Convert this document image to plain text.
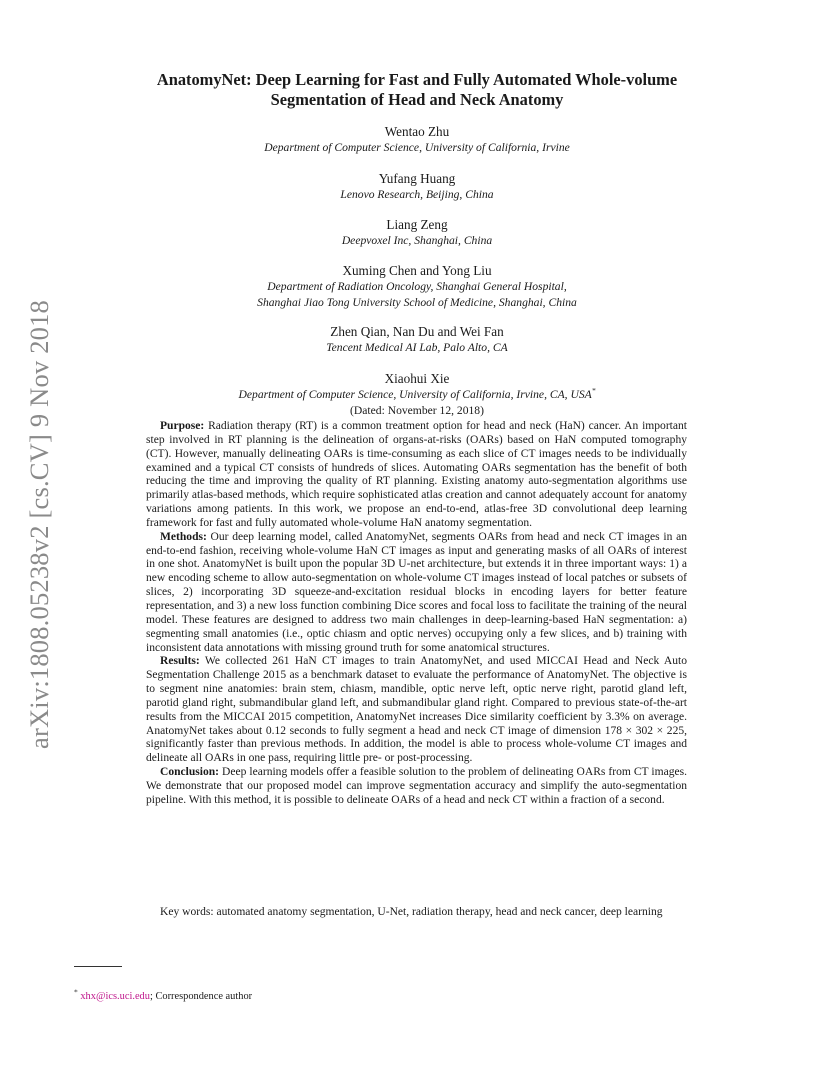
arXiv:1808.05238v2 [cs.CV] 9 Nov 2018
AnatomyNet: Deep Learning for Fast and Fully Automated Whole-volume
Segmentation of Head and Neck Anatomy
Wentao Zhu
Department of Computer Science, University of California, Irvine
Yufang Huang
Lenovo Research, Beijing, China
Liang Zeng
Deepvoxel Inc, Shanghai, China
Xuming Chen and Yong Liu
Department of Radiation Oncology, Shanghai General Hospital,
Shanghai Jiao Tong University School of Medicine, Shanghai, China
Zhen Qian, Nan Du and Wei Fan
Tencent Medical AI Lab, Palo Alto, CA
Xiaohui Xie
Department of Computer Science, University of California, Irvine, CA, USA*
(Dated: November 12, 2018)

Purpose: Radiation therapy (RT) is a common treatment option for head and neck (HaN) cancer. An important step involved in RT planning is the delineation of organs-at-risks (OARs) based on HaN computed tomography (CT). However, manually delineating OARs is time-consuming as each slice of CT images needs to be individually examined and a typical CT consists of hundreds of slices. Automating OARs segmentation has the benefit of both reducing the time and improving the quality of RT planning. Existing anatomy auto-segmentation algorithms use primarily atlas-based methods, which require sophisticated atlas creation and cannot adequately account for anatomy variations among patients. In this work, we propose an end-to-end, atlas-free 3D convolutional deep learning framework for fast and fully automated whole-volume HaN anatomy segmentation.

Methods: Our deep learning model, called AnatomyNet, segments OARs from head and neck CT images in an end-to-end fashion, receiving whole-volume HaN CT images as input and generating masks of all OARs of interest in one shot. AnatomyNet is built upon the popular 3D U-net architecture, but extends it in three important ways: 1) a new encoding scheme to allow auto-segmentation on whole-volume CT images instead of local patches or subsets of slices, 2) incorporating 3D squeeze-and-excitation residual blocks in encoding layers for better feature representation, and 3) a new loss function combining Dice scores and focal loss to facilitate the training of the neural model. These features are designed to address two main challenges in deep-learning-based HaN segmentation: a) segmenting small anatomies (i.e., optic chiasm and optic nerves) occupying only a few slices, and b) training with inconsistent data annotations with missing ground truth for some anatomical structures.

Results: We collected 261 HaN CT images to train AnatomyNet, and used MICCAI Head and Neck Auto Segmentation Challenge 2015 as a benchmark dataset to evaluate the performance of AnatomyNet. The objective is to segment nine anatomies: brain stem, chiasm, mandible, optic nerve left, optic nerve right, parotid gland left, parotid gland right, submandibular gland left, and submandibular gland right. Compared to previous state-of-the-art results from the MICCAI 2015 competition, AnatomyNet increases Dice similarity coefficient by 3.3% on average. AnatomyNet takes about 0.12 seconds to fully segment a head and neck CT image of dimension 178 × 302 × 225, significantly faster than previous methods. In addition, the model is able to process whole-volume CT images and delineate all OARs in one pass, requiring little pre- or post-processing.

Conclusion: Deep learning models offer a feasible solution to the problem of delineating OARs from CT images. We demonstrate that our proposed model can improve segmentation accuracy and simplify the auto-segmentation pipeline. With this method, it is possible to delineate OARs of a head and neck CT within a fraction of a second.

Key words: automated anatomy segmentation, U-Net, radiation therapy, head and neck cancer, deep learning

* xhx@ics.uci.edu; Correspondence author
